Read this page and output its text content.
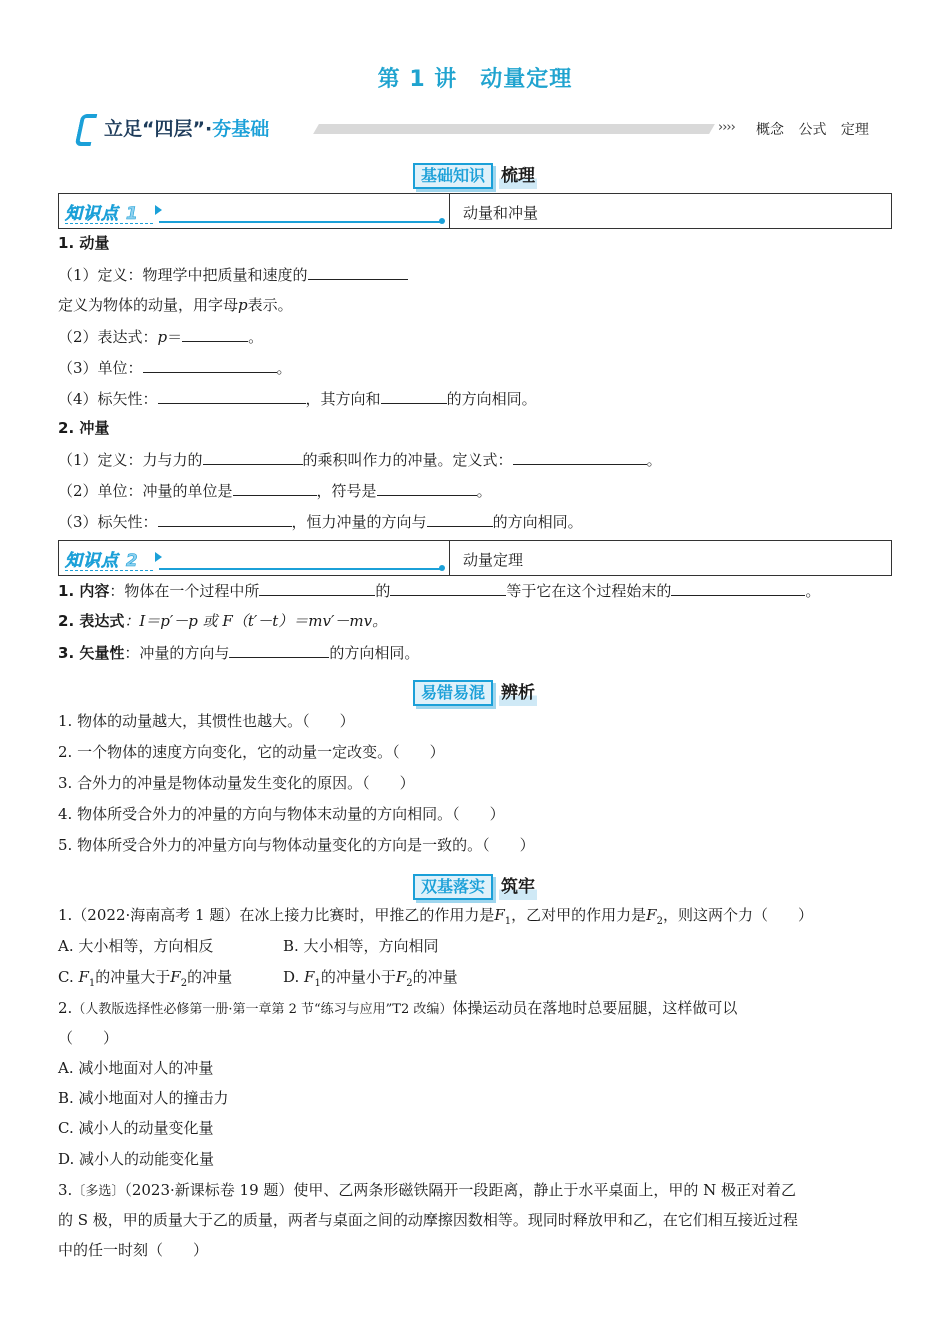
第 1 讲　动量定理
立足“四层”·夯基础	›››› 概念 公式 定理
基础知识 梳理
知识点 1	动量和冲量
1. 动量
（1）定义：物理学中把质量和速度的
定义为物体的动量，用字母p表示。
（2）表达式：p＝	。
（3）单位：	。
（4）标矢性：	，其方向和	的方向相同。
2. 冲量
（1）定义：力与力的	的乘积叫作力的冲量。定义式：	。
（2）单位：冲量的单位是	，符号是	。
（3）标矢性：	，恒力冲量的方向与	的方向相同。
知识点 2	动量定理
1. 内容：物体在一个过程中所	的	等于它在这个过程始末的	。
2. 表达式：I＝p′－p 或 F（t′－t）＝mv′－mv。
3. 矢量性：冲量的方向与	的方向相同。
易错易混 辨析
1. 物体的动量越大，其惯性也越大。（　　）
2. 一个物体的速度方向变化，它的动量一定改变。（　　）
3. 合外力的冲量是物体动量发生变化的原因。（　　）
4. 物体所受合外力的冲量的方向与物体末动量的方向相同。（　　）
5. 物体所受合外力的冲量方向与物体动量变化的方向是一致的。（　　）
双基落实 筑牢
1.（2022·海南高考 1 题）在冰上接力比赛时，甲推乙的作用力是$F_1$，乙对甲的作用力是$F_2$，则这两个力（　　）
A. 大小相等，方向相反	B. 大小相等，方向相同
C. $F_1$的冲量大于$F_2$的冲量	D. $F_1$的冲量小于$F_2$的冲量
2.（人教版选择性必修第一册·第一章第 2 节“练习与应用”T2 改编）体操运动员在落地时总要屈腿，这样做可以
（　　）
A. 减小地面对人的冲量
B. 减小地面对人的撞击力
C. 减小人的动量变化量
D. 减小人的动能变化量
3.〔多选〕（2023·新课标卷 19 题）使甲、乙两条形磁铁隔开一段距离，静止于水平桌面上，甲的 N 极正对着乙
的 S 极，甲的质量大于乙的质量，两者与桌面之间的动摩擦因数相等。现同时释放甲和乙，在它们相互接近过程
中的任一时刻（　　）
